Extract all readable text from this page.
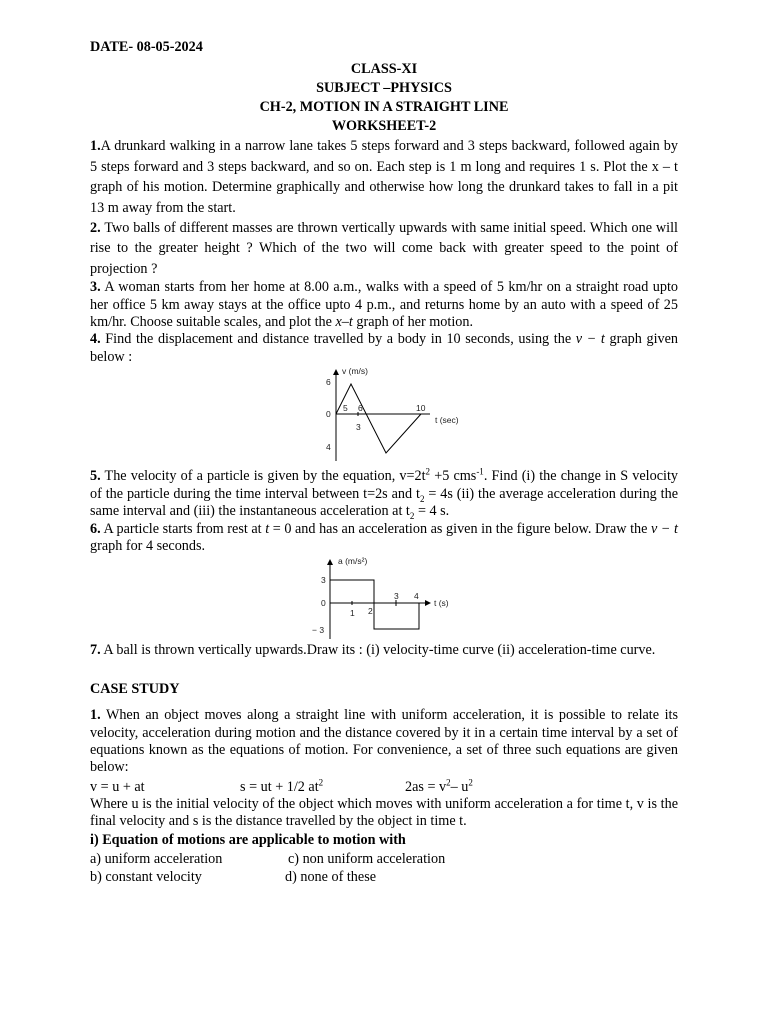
DATE- 08-05-2024
CLASS-XI
SUBJECT –PHYSICS
CH-2, MOTION IN A STRAIGHT LINE
WORKSHEET-2
1.A drunkard walking in a narrow lane takes 5 steps forward and 3 steps backward, followed again by 5 steps forward and 3 steps backward, and so on. Each step is 1 m long and requires 1 s. Plot the x – t graph of his motion. Determine graphically and otherwise how long the drunkard takes to fall in a pit 13 m away from the start.
2. Two balls of different masses are thrown vertically upwards with same initial speed. Which one will rise to the greater height ? Which of the two will come back with greater speed to the point of projection ?
3. A woman starts from her home at 8.00 a.m., walks with a speed of 5 km/hr on a straight road upto her office 5 km away stays at the office upto 4 p.m., and returns home by an auto with a speed of 25 km/hr. Choose suitable scales, and plot the x–t graph of her motion.
4. Find the displacement and distance travelled by a body in 10 seconds, using the v − t graph given below :
v (m/s)
t (sec)
6
0
4
3
5 6	10
5. The velocity of a particle is given by the equation, $v=2t^2 +5$ cms$^{-1}$. Find (i) the change in S velocity of the particle during the time interval between t=2s and $t_2 = 4s$ (ii) the average acceleration during the same interval and (iii) the instantaneous acceleration at $t_2 = 4$ s.
6. A particle starts from rest at t = 0 and has an acceleration as given in the figure below. Draw the v − t graph for 4 seconds.
a (m/s²)
t (s)
3
0
− 3
1 2
3 4
7. A ball is thrown vertically upwards.Draw its : (i) velocity-time curve (ii) acceleration-time curve.
CASE STUDY
1. When an object moves along a straight line with uniform acceleration, it is possible to relate its velocity, acceleration during motion and the distance covered by it in a certain time interval by a set of equations known as the equations of motion. For convenience, a set of three such equations are given below:
v = u + at	s = ut + 1/2 $at^2$	$2as = v^2-$ $u^2$
Where u is the initial velocity of the object which moves with uniform acceleration a for time t, v is the final velocity and s is the distance travelled by the object in time t.
i) Equation of motions are applicable to motion with
a) uniform acceleration	c) non uniform acceleration
b) constant velocity	d) none of these
